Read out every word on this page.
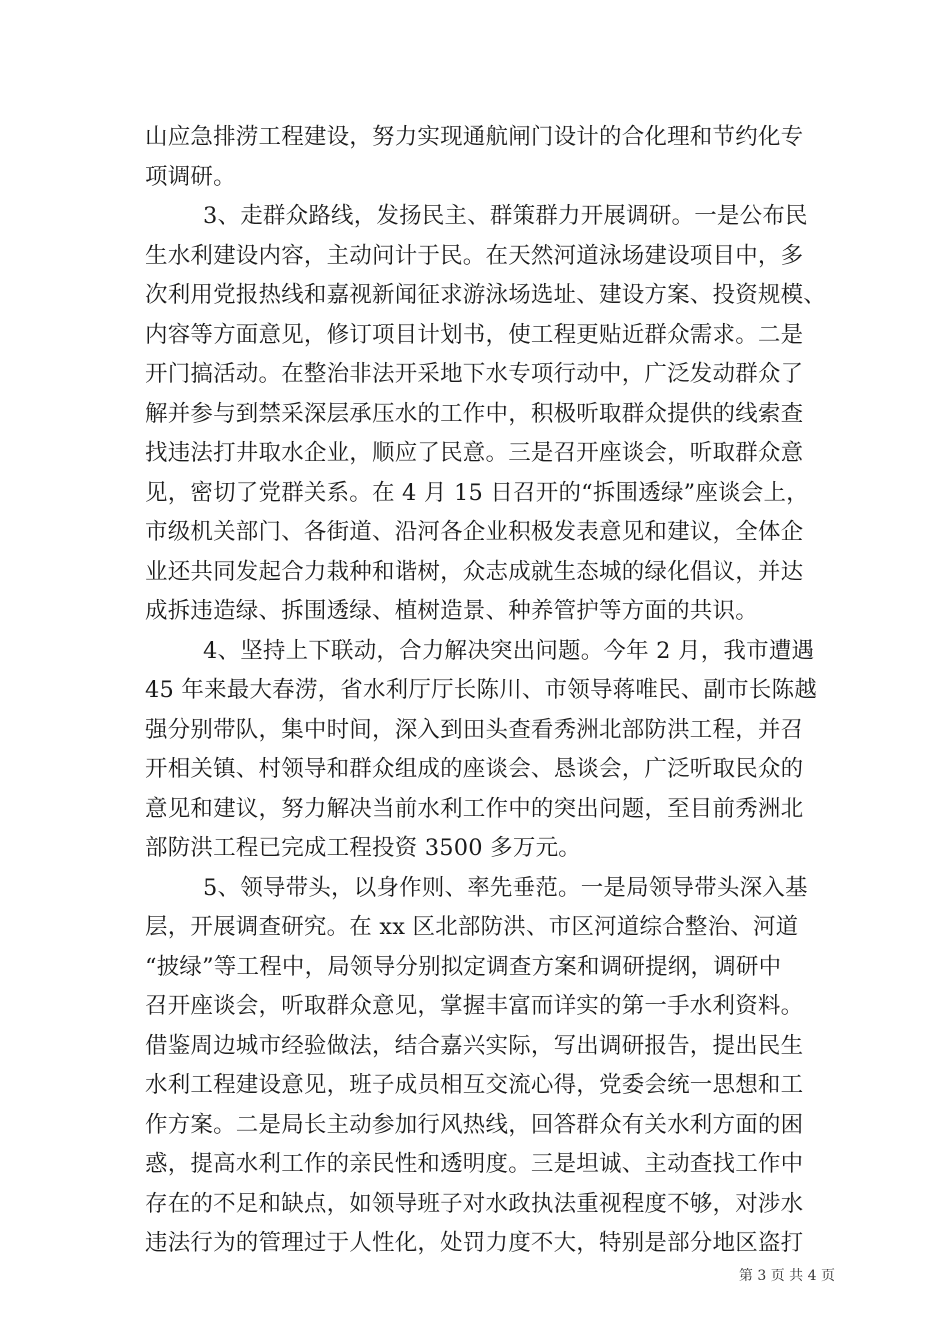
山应急排涝工程建设，努力实现通航闸门设计的合化理和节约化专
项调研。
3、走群众路线，发扬民主、群策群力开展调研。一是公布民
生水利建设内容，主动问计于民。在天然河道泳场建设项目中，多
次利用党报热线和嘉视新闻征求游泳场选址、建设方案、投资规模、
内容等方面意见，修订项目计划书，使工程更贴近群众需求。二是
开门搞活动。在整治非法开采地下水专项行动中，广泛发动群众了
解并参与到禁采深层承压水的工作中，积极听取群众提供的线索查
找违法打井取水企业，顺应了民意。三是召开座谈会，听取群众意
见，密切了党群关系。在 4 月 15 日召开的“拆围透绿”座谈会上，
市级机关部门、各街道、沿河各企业积极发表意见和建议，全体企
业还共同发起合力栽种和谐树，众志成就生态城的绿化倡议，并达
成拆违造绿、拆围透绿、植树造景、种养管护等方面的共识。
4、坚持上下联动，合力解决突出问题。今年 2 月，我市遭遇
45 年来最大春涝，省水利厅厅长陈川、市领导蒋唯民、副市长陈越
强分别带队，集中时间，深入到田头查看秀洲北部防洪工程，并召
开相关镇、村领导和群众组成的座谈会、恳谈会，广泛听取民众的
意见和建议，努力解决当前水利工作中的突出问题，至目前秀洲北
部防洪工程已完成工程投资 3500 多万元。
5、领导带头，以身作则、率先垂范。一是局领导带头深入基
层，开展调查研究。在 xx 区北部防洪、市区河道综合整治、河道
“披绿”等工程中，局领导分别拟定调查方案和调研提纲，调研中
召开座谈会，听取群众意见，掌握丰富而详实的第一手水利资料。
借鉴周边城市经验做法，结合嘉兴实际，写出调研报告，提出民生
水利工程建设意见，班子成员相互交流心得，党委会统一思想和工
作方案。二是局长主动参加行风热线，回答群众有关水利方面的困
惑，提高水利工作的亲民性和透明度。三是坦诚、主动查找工作中
存在的不足和缺点，如领导班子对水政执法重视程度不够，对涉水
违法行为的管理过于人性化，处罚力度不大，特别是部分地区盗打
第 3 页 共 4 页
